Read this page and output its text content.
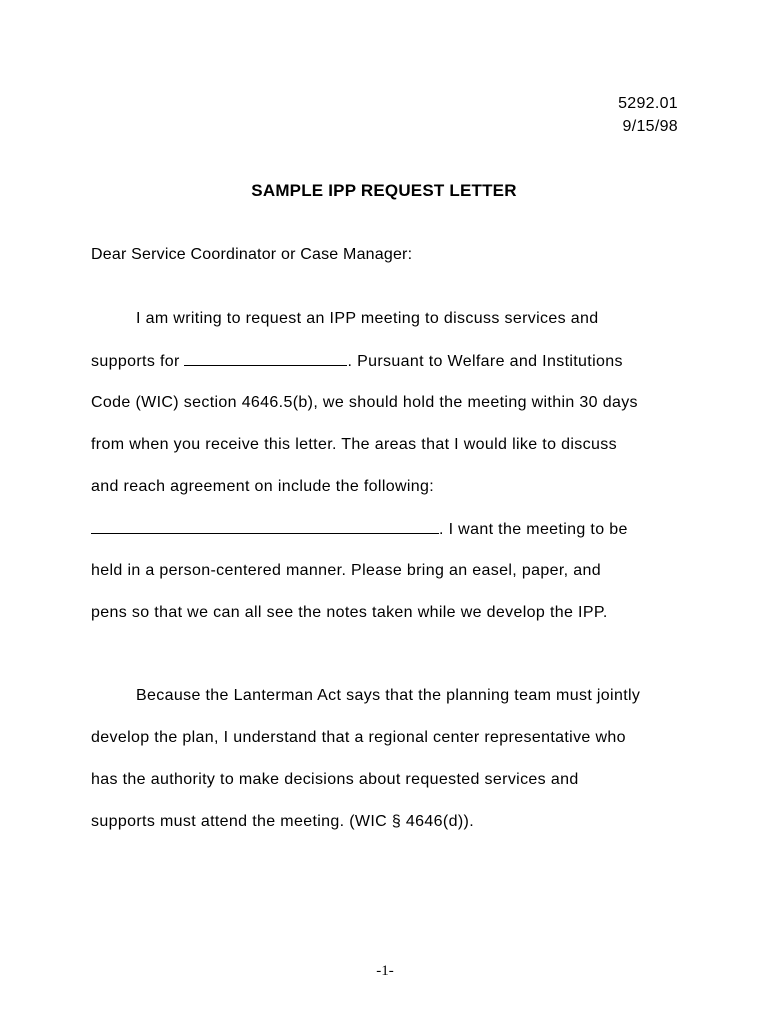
5292.01
9/15/98
SAMPLE IPP REQUEST LETTER
Dear Service Coordinator or Case Manager:
I am writing to request an IPP meeting to discuss services and
supports for	. Pursuant to Welfare and Institutions
Code (WIC) section 4646.5(b), we should hold the meeting within 30 days
from when you receive this letter. The areas that I would like to discuss
and reach agreement on include the following:
. I want the meeting to be
held in a person-centered manner. Please bring an easel, paper, and
pens so that we can all see the notes taken while we develop the IPP.
Because the Lanterman Act says that the planning team must jointly
develop the plan, I understand that a regional center representative who
has the authority to make decisions about requested services and
supports must attend the meeting. (WIC § 4646(d)).
-1-
